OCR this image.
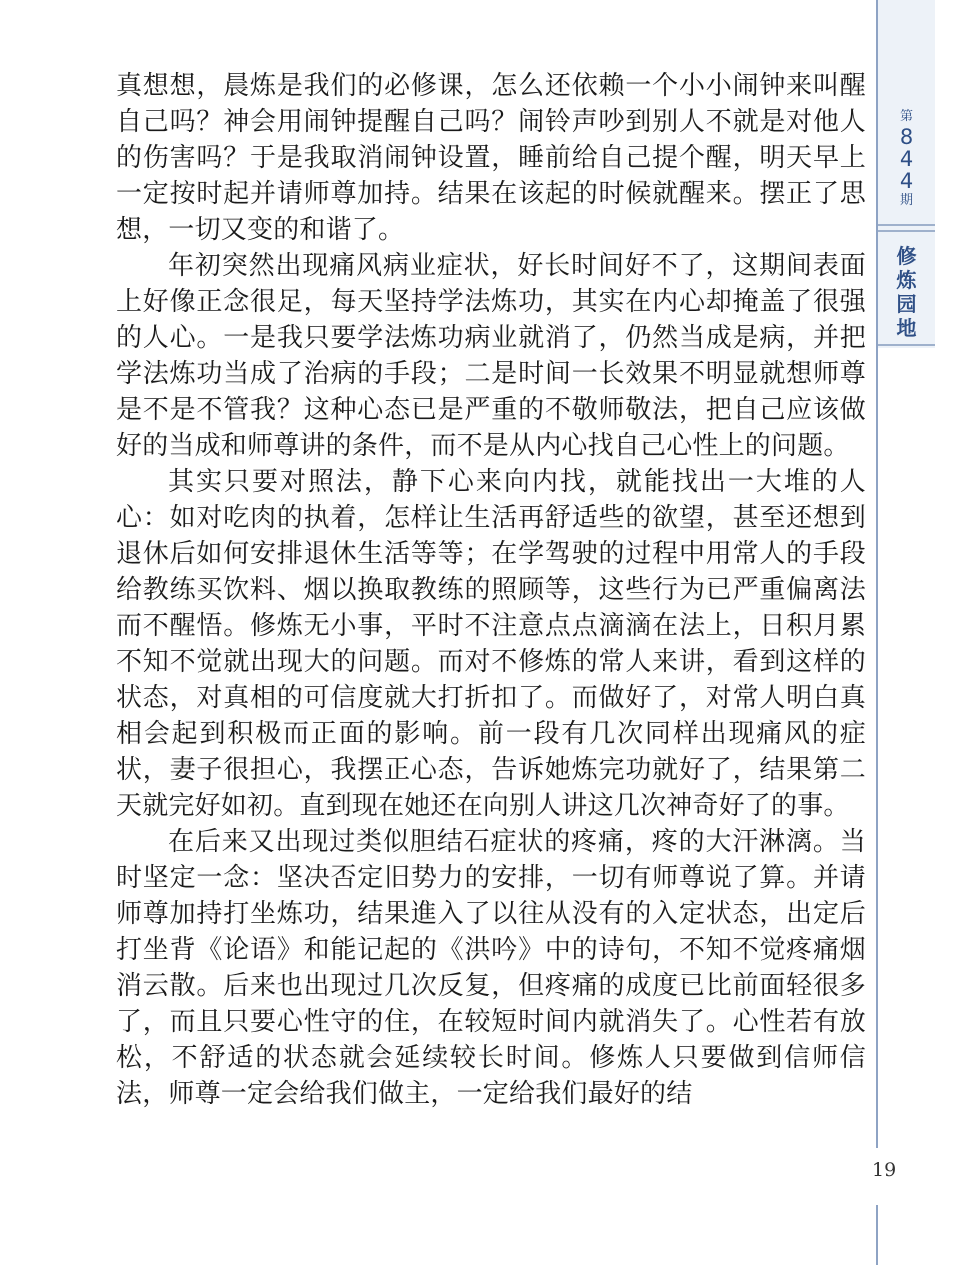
第
8
4
4
期
修
炼
园
地

真想想，晨炼是我们的必修课，怎么还依赖一个小小闹钟来叫醒自己吗？神会用闹钟提醒自己吗？闹铃声吵到别人不就是对他人的伤害吗？于是我取消闹钟设置，睡前给自己提个醒，明天早上一定按时起并请师尊加持。结果在该起的时候就醒来。摆正了思想，一切又变的和谐了。

年初突然出现痛风病业症状，好长时间好不了，这期间表面上好像正念很足，每天坚持学法炼功，其实在内心却掩盖了很强的人心。一是我只要学法炼功病业就消了，仍然当成是病，并把学法炼功当成了治病的手段；二是时间一长效果不明显就想师尊是不是不管我？这种心态已是严重的不敬师敬法，把自己应该做好的当成和师尊讲的条件，而不是从内心找自己心性上的问题。

其实只要对照法，静下心来向内找，就能找出一大堆的人心：如对吃肉的执着，怎样让生活再舒适些的欲望，甚至还想到退休后如何安排退休生活等等；在学驾驶的过程中用常人的手段给教练买饮料、烟以换取教练的照顾等，这些行为已严重偏离法而不醒悟。修炼无小事，平时不注意点点滴滴在法上，日积月累不知不觉就出现大的问题。而对不修炼的常人来讲，看到这样的状态，对真相的可信度就大打折扣了。而做好了，对常人明白真相会起到积极而正面的影响。前一段有几次同样出现痛风的症状，妻子很担心，我摆正心态，告诉她炼完功就好了，结果第二天就完好如初。直到现在她还在向别人讲这几次神奇好了的事。

在后来又出现过类似胆结石症状的疼痛，疼的大汗淋漓。当时坚定一念：坚决否定旧势力的安排，一切有师尊说了算。并请师尊加持打坐炼功，结果進入了以往从没有的入定状态，出定后打坐背《论语》和能记起的《洪吟》中的诗句，不知不觉疼痛烟消云散。后来也出现过几次反复，但疼痛的成度已比前面轻很多了，而且只要心性守的住，在较短时间内就消失了。心性若有放松，不舒适的状态就会延续较长时间。修炼人只要做到信师信法，师尊一定会给我们做主，一定给我们最好的结

19
